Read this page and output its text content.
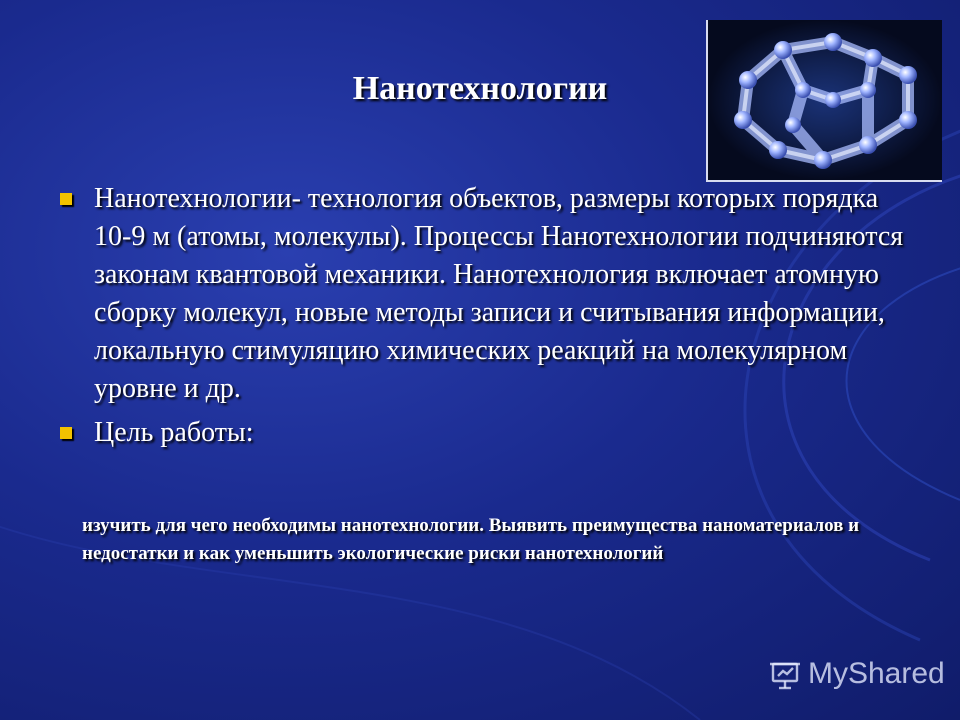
Нанотехнологии
Нанотехнологии- технология объектов, размеры которых порядка 10-9 м (атомы, молекулы). Процессы Нанотехнологии подчиняются законам квантовой механики. Нанотехнология включает атомную сборку молекул, новые методы записи и считывания информации, локальную стимуляцию химических реакций на молекулярном уровне и др.
Цель работы:
изучить для чего необходимы нанотехнологии. Выявить преимущества наноматериалов и недостатки и как уменьшить экологические риски нанотехнологий
MyShared
